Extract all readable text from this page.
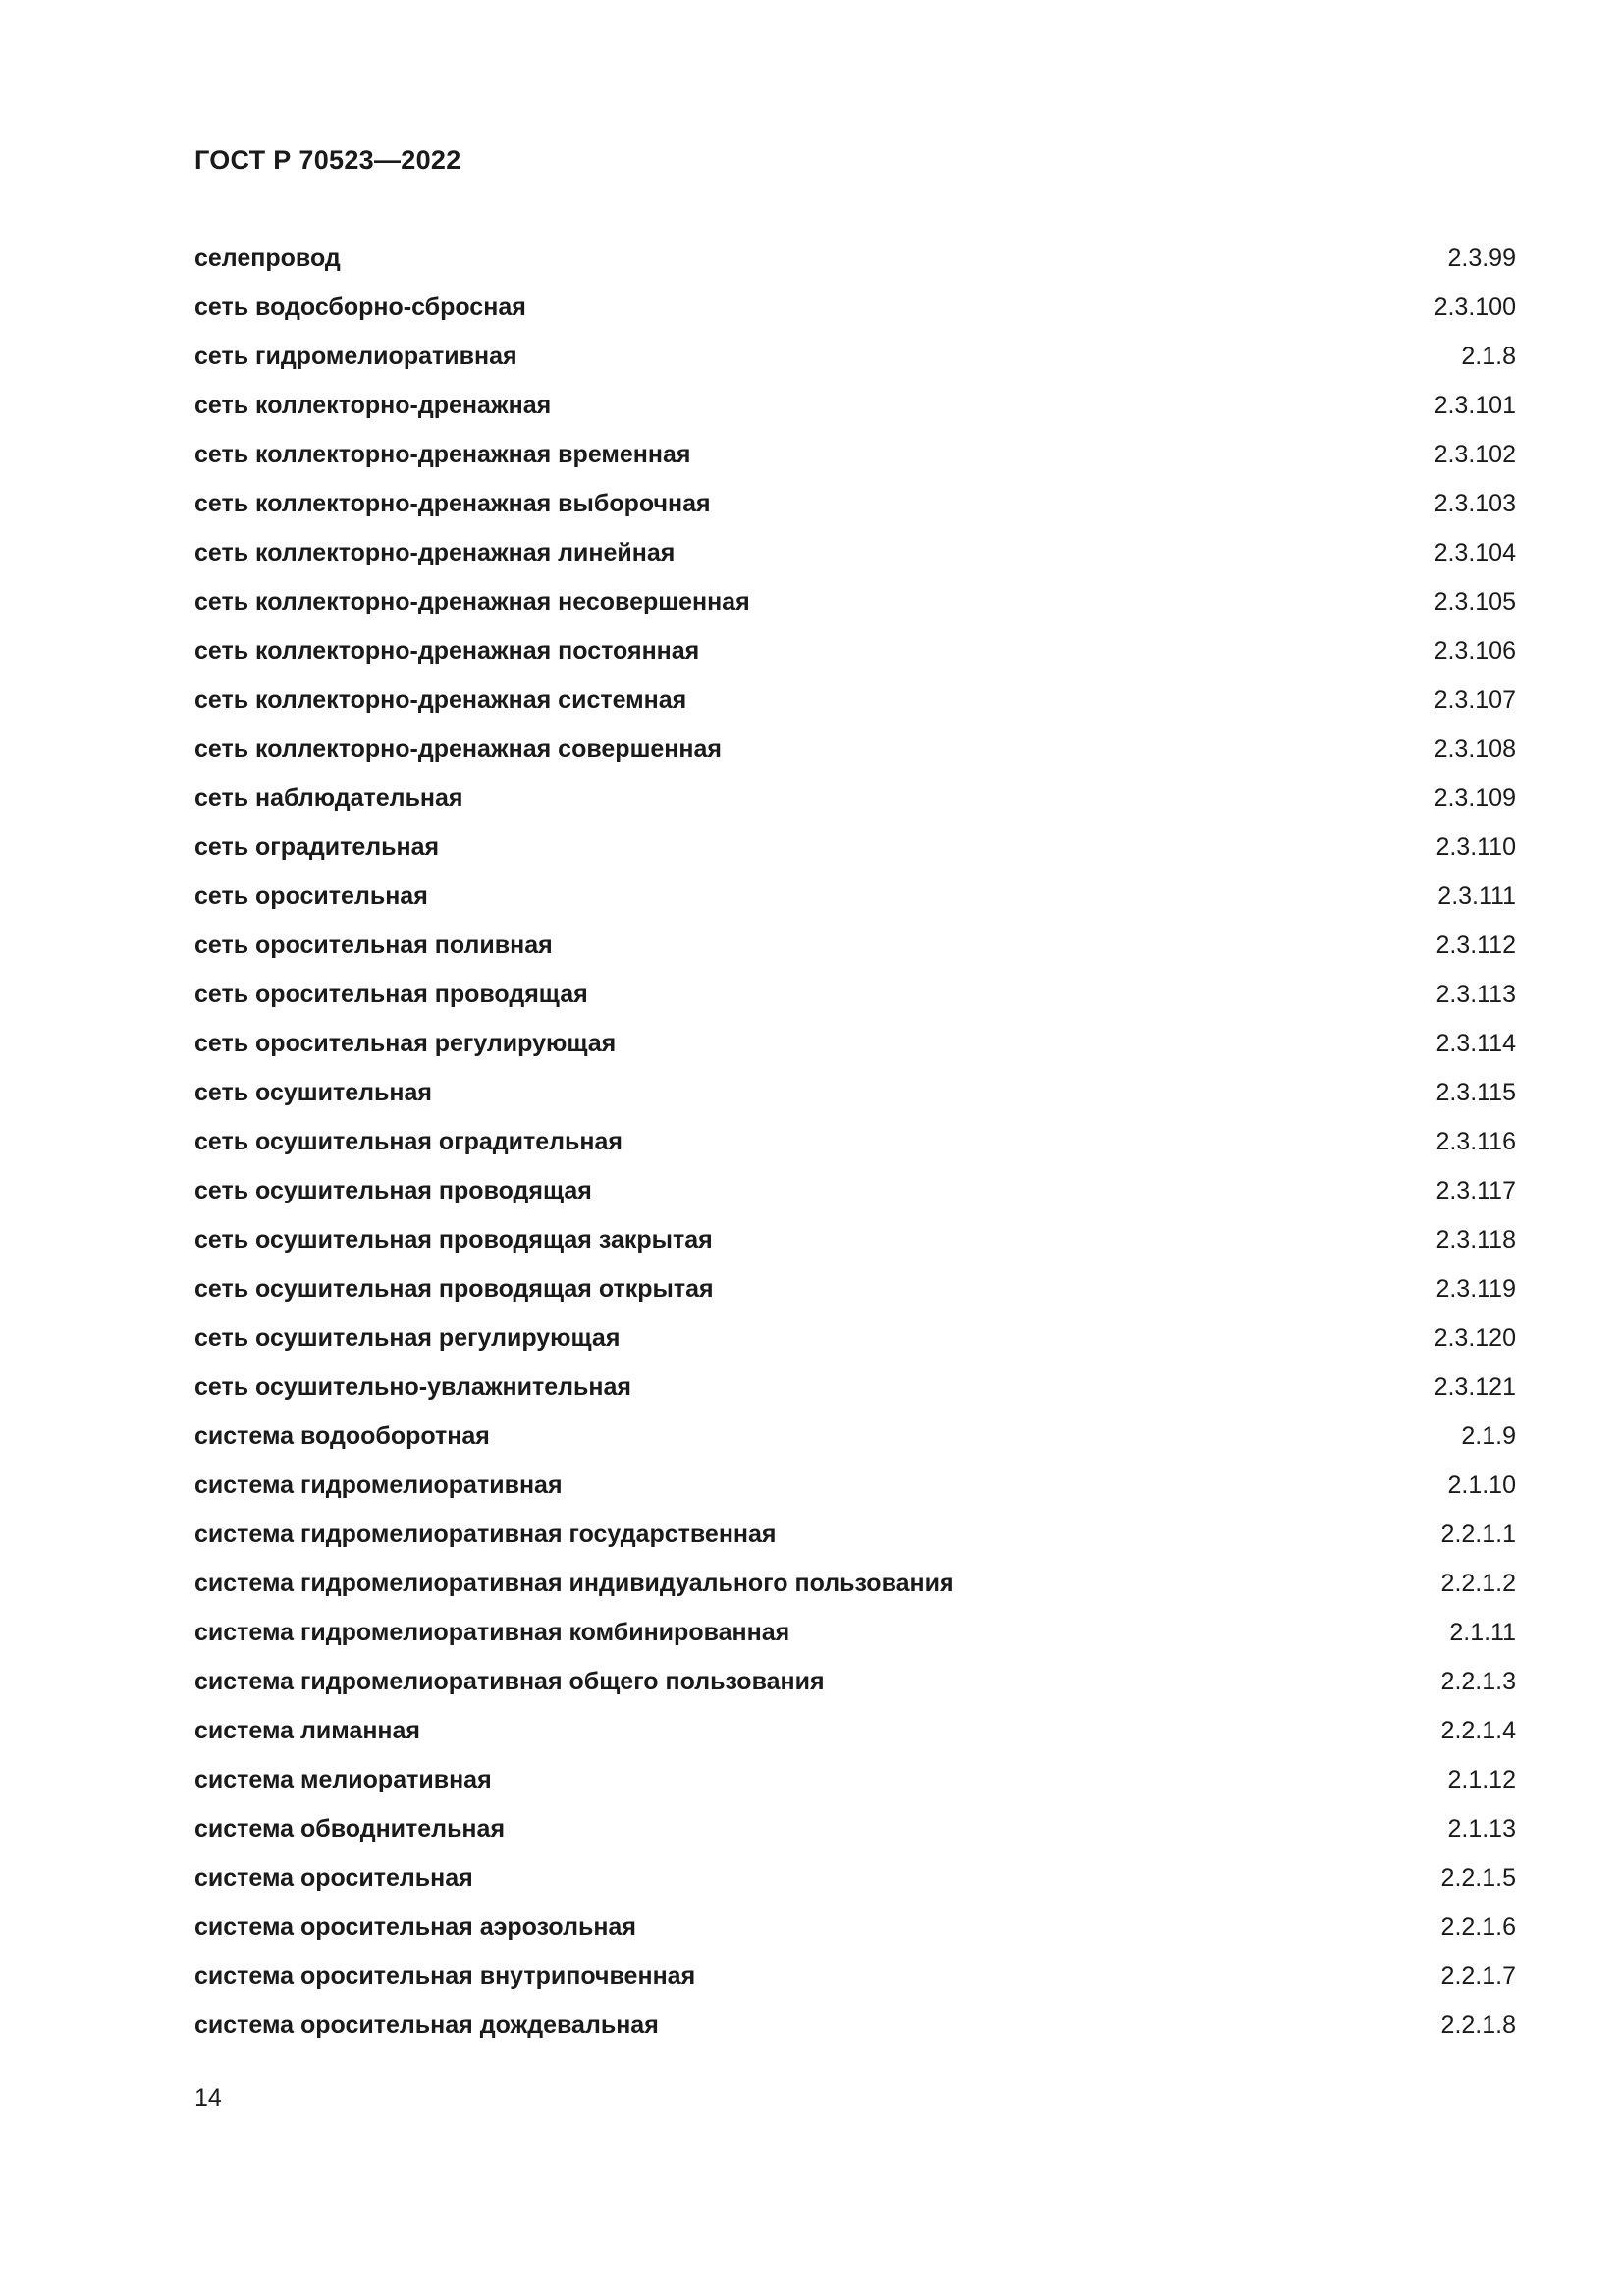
ГОСТ Р 70523—2022
селепровод	2.3.99
сеть водосборно-сбросная	2.3.100
сеть гидромелиоративная	2.1.8
сеть коллекторно-дренажная	2.3.101
сеть коллекторно-дренажная временная	2.3.102
сеть коллекторно-дренажная выборочная	2.3.103
сеть коллекторно-дренажная линейная	2.3.104
сеть коллекторно-дренажная несовершенная	2.3.105
сеть коллекторно-дренажная постоянная	2.3.106
сеть коллекторно-дренажная системная	2.3.107
сеть коллекторно-дренажная совершенная	2.3.108
сеть наблюдательная	2.3.109
сеть оградительная	2.3.110
сеть оросительная	2.3.111
сеть оросительная поливная	2.3.112
сеть оросительная проводящая	2.3.113
сеть оросительная регулирующая	2.3.114
сеть осушительная	2.3.115
сеть осушительная оградительная	2.3.116
сеть осушительная проводящая	2.3.117
сеть осушительная проводящая закрытая	2.3.118
сеть осушительная проводящая открытая	2.3.119
сеть осушительная регулирующая	2.3.120
сеть осушительно-увлажнительная	2.3.121
система водооборотная	2.1.9
система гидромелиоративная	2.1.10
система гидромелиоративная государственная	2.2.1.1
система гидромелиоративная индивидуального пользования	2.2.1.2
система гидромелиоративная комбинированная	2.1.11
система гидромелиоративная общего пользования	2.2.1.3
система лиманная	2.2.1.4
система мелиоративная	2.1.12
система обводнительная	2.1.13
система оросительная	2.2.1.5
система оросительная аэрозольная	2.2.1.6
система оросительная внутрипочвенная	2.2.1.7
система оросительная дождевальная	2.2.1.8
14
